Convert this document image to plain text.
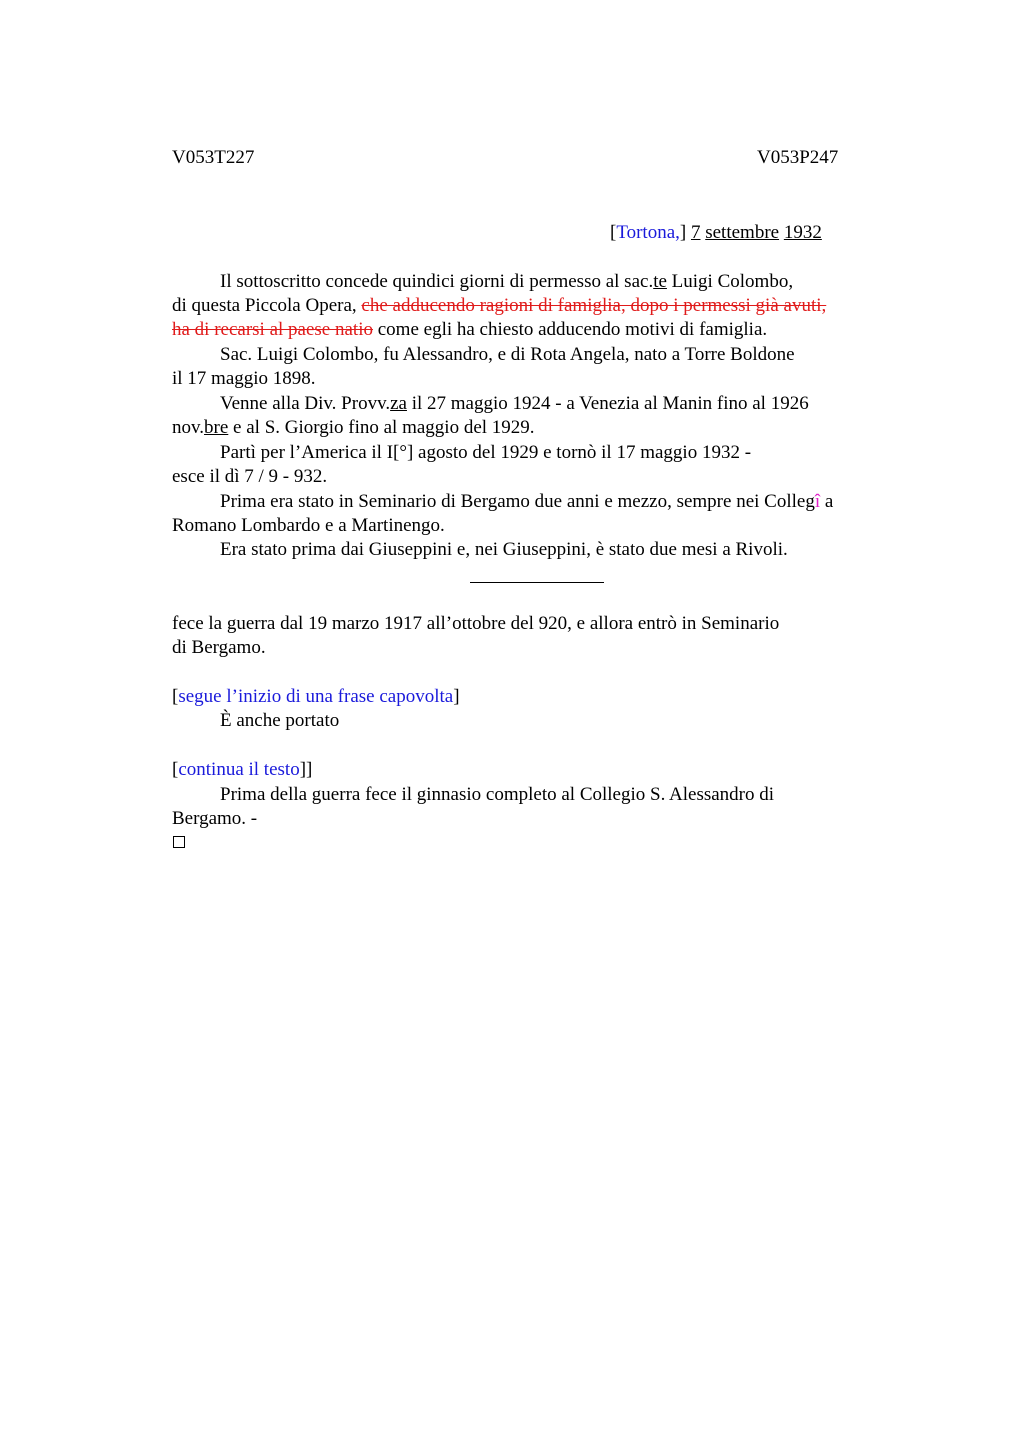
V053T227	V053P247
[Tortona,] 7 settembre 1932
Il sottoscritto concede quindici giorni di permesso al sac.te Luigi Colombo,
di questa Piccola Opera, che adducendo ragioni di famiglia, dopo i permessi già avuti,
ha di recarsi al paese natio come egli ha chiesto adducendo motivi di famiglia.
Sac. Luigi Colombo, fu Alessandro, e di Rota Angela, nato a Torre Boldone
il 17 maggio 1898.
Venne alla Div. Provv.za il 27 maggio 1924 - a Venezia al Manin fino al 1926
nov.bre e al S. Giorgio fino al maggio del 1929.
Partì per l’America il I[°] agosto del 1929 e tornò il 17 maggio 1932 -
esce il dì 7 / 9 - 932.
Prima era stato in Seminario di Bergamo due anni e mezzo, sempre nei Collegî a
Romano Lombardo e a Martinengo.
Era stato prima dai Giuseppini e, nei Giuseppini, è stato due mesi a Rivoli.
fece la guerra dal 19 marzo 1917 all’ottobre del 920, e allora entrò in Seminario
di Bergamo.
[segue l’inizio di una frase capovolta]
È anche portato
[continua il testo]]
Prima della guerra fece il ginnasio completo al Collegio S. Alessandro di
Bergamo. -
